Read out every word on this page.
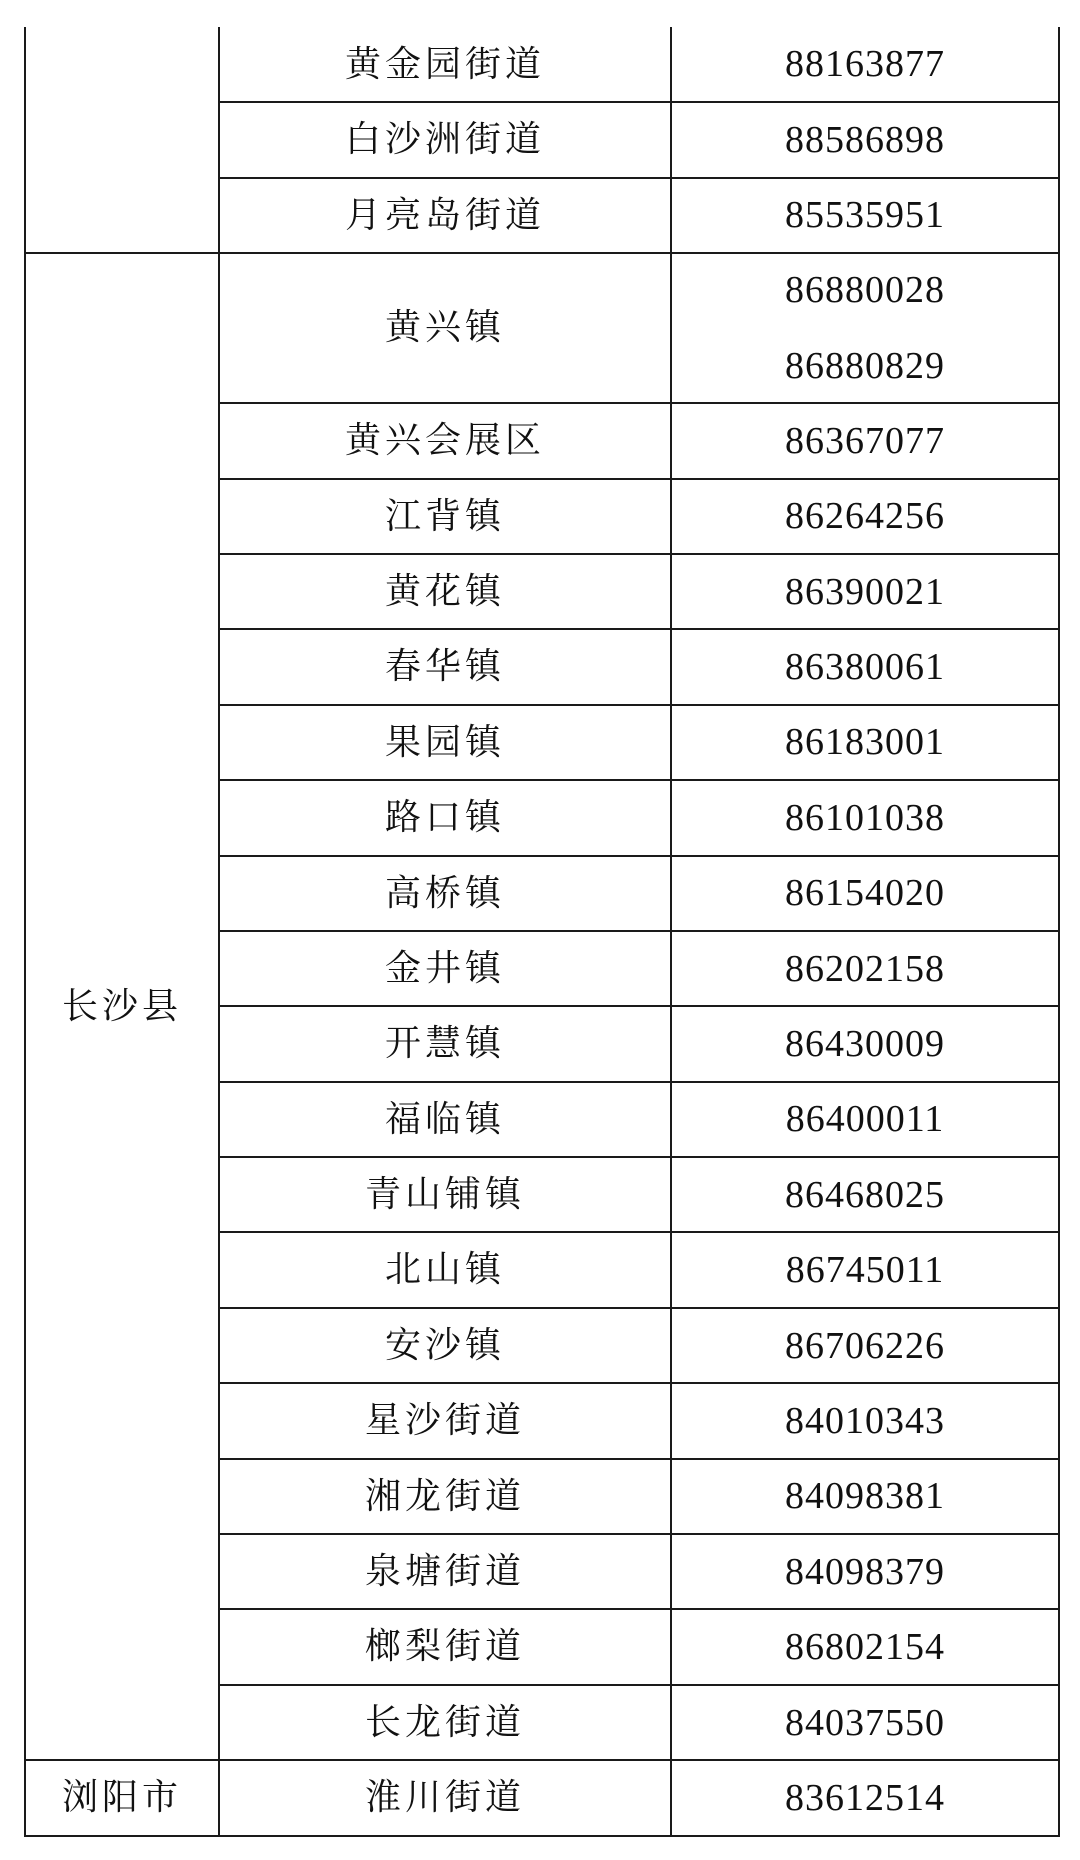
	黄金园街道	88163877

	白沙洲街道	88586898

	月亮岛街道	85535951

长沙县	黄兴镇	86880028
86880829

	黄兴会展区	86367077

	江背镇	86264256

	黄花镇	86390021

	春华镇	86380061

	果园镇	86183001

	路口镇	86101038

	高桥镇	86154020

	金井镇	86202158

	开慧镇	86430009

	福临镇	86400011

	青山铺镇	86468025

	北山镇	86745011

	安沙镇	86706226

	星沙街道	84010343

	湘龙街道	84098381

	泉塘街道	84098379

	榔梨街道	86802154

	长龙街道	84037550

浏阳市	淮川街道	83612514
